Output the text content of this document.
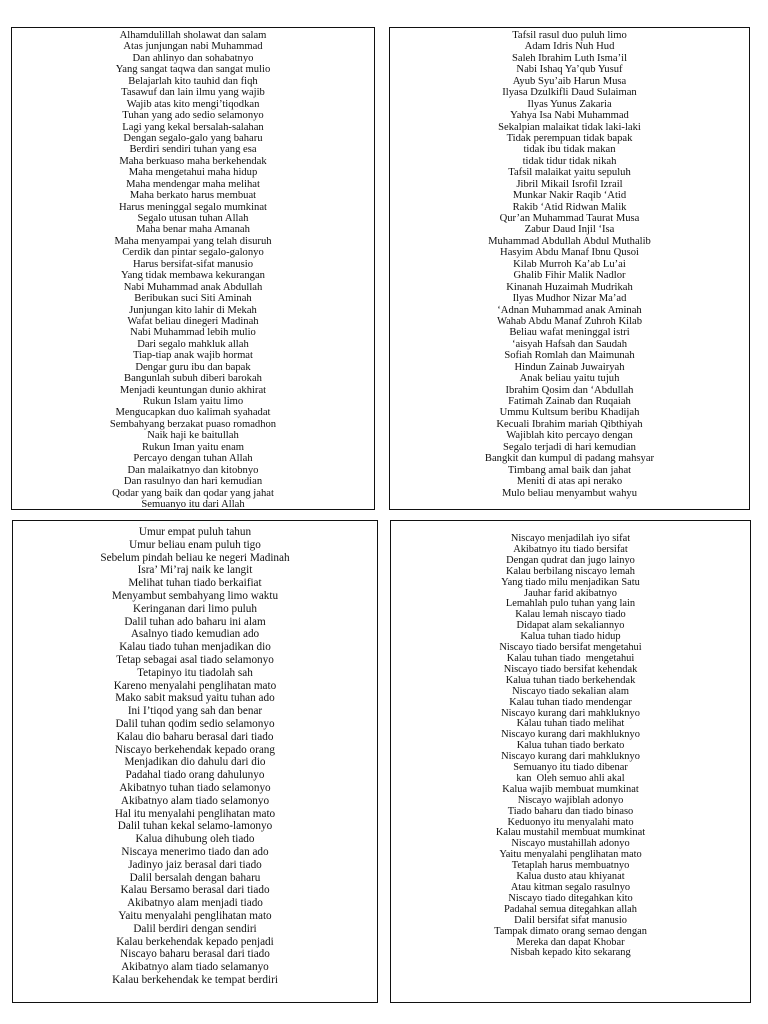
Alhamdulillah sholawat dan salam
Atas junjungan nabi Muhammad
Dan ahlinyo dan sohabatnyo
Yang sangat taqwa dan sangat mulio
Belajarlah kito tauhid dan fiqh
Tasawuf dan lain ilmu yang wajib
Wajib atas kito mengi’tiqodkan
Tuhan yang ado sedio selamonyo
Lagi yang kekal bersalah-salahan
Dengan segalo-galo yang baharu
Berdiri sendiri tuhan yang esa
Maha berkuaso maha berkehendak
Maha mengetahui maha hidup
Maha mendengar maha melihat
Maha berkato harus membuat
Harus meninggal segalo mumkinat
Segalo utusan tuhan Allah
Maha benar maha Amanah
Maha menyampai yang telah disuruh
Cerdik dan pintar segalo-galonyo
Harus bersifat-sifat manusio
Yang tidak membawa kekurangan
Nabi Muhammad anak Abdullah
Beribukan suci Siti Aminah
Junjungan kito lahir di Mekah
Wafat beliau dinegeri Madinah
Nabi Muhammad lebih mulio
Dari segalo mahkluk allah
Tiap-tiap anak wajib hormat
Dengar guru ibu dan bapak
Bangunlah subuh diberi barokah
Menjadi keuntungan dunio akhirat
Rukun Islam yaitu limo
Mengucapkan duo kalimah syahadat
Sembahyang berzakat puaso romadhon
Naik haji ke baitullah
Rukun Iman yaitu enam
Percayo dengan tuhan Allah
Dan malaikatnyo dan kitobnyo
Dan rasulnyo dan hari kemudian
Qodar yang baik dan qodar yang jahat
Semuanyo itu dari Allah
Tafsil rasul duo puluh limo
Adam Idris Nuh Hud
Saleh Ibrahim Luth Isma’il
Nabi Ishaq Ya’qub Yusuf
Ayub Syu’aib Harun Musa
Ilyasa Dzulkifli Daud Sulaiman
Ilyas Yunus Zakaria
Yahya Isa Nabi Muhammad
Sekalpian malaikat tidak laki-laki
Tidak perempuan tidak bapak
tidak ibu tidak makan
tidak tidur tidak nikah
Tafsil malaikat yaitu sepuluh
Jibril Mikail Isrofil Izrail
Munkar Nakir Raqib ‘Atid
Rakib ‘Atid Ridwan Malik
Qur’an Muhammad Taurat Musa
Zabur Daud Injil ‘Isa
Muhammad Abdullah Abdul Muthalib
Hasyim Abdu Manaf Ibnu Qusoi
Kilab Murroh Ka’ab Lu’ai
Ghalib Fihir Malik Nadlor
Kinanah Huzaimah Mudrikah
Ilyas Mudhor Nizar Ma’ad
‘Adnan Muhammad anak Aminah
Wahab Abdu Manaf Zuhroh Kilab
Beliau wafat meninggal istri
‘aisyah Hafsah dan Saudah
Sofiah Romlah dan Maimunah
Hindun Zainab Juwairyah
Anak beliau yaitu tujuh
Ibrahim Qosim dan ‘Abdullah
Fatimah Zainab dan Ruqaiah
Ummu Kultsum beribu Khadijah
Kecuali Ibrahim mariah Qibthiyah
Wajiblah kito percayo dengan
Segalo terjadi di hari kemudian
Bangkit dan kumpul di padang mahsyar
Timbang amal baik dan jahat
Meniti di atas api nerako
Mulo beliau menyambut wahyu
Umur empat puluh tahun
Umur beliau enam puluh tigo
Sebelum pindah beliau ke negeri Madinah
Isra’ Mi’raj naik ke langit
Melihat tuhan tiado berkaifiat
Menyambut sembahyang limo waktu
Keringanan dari limo puluh
Dalil tuhan ado baharu ini alam
Asalnyo tiado kemudian ado
Kalau tiado tuhan menjadikan dio
Tetap sebagai asal tiado selamonyo
Tetapinyo itu tiadolah sah
Kareno menyalahi penglihatan mato
Mako sabit maksud yaitu tuhan ado
Ini I’tiqod yang sah dan benar
Dalil tuhan qodim sedio selamonyo
Kalau dio baharu berasal dari tiado
Niscayo berkehendak kepado orang
Menjadikan dio dahulu dari dio
Padahal tiado orang dahulunyo
Akibatnyo tuhan tiado selamonyo
Akibatnyo alam tiado selamonyo
Hal itu menyalahi penglihatan mato
Dalil tuhan kekal selamo-lamonyo
Kalua dihubung oleh tiado
Niscaya menerimo tiado dan ado
Jadinyo jaiz berasal dari tiado
Dalil bersalah dengan baharu
Kalau Bersamo berasal dari tiado
Akibatnyo alam menjadi tiado
Yaitu menyalahi penglihatan mato
Dalil berdiri dengan sendiri
Kalau berkehendak kepado penjadi
Niscayo baharu berasal dari tiado
Akibatnyo alam tiado selamanyo
Kalau berkehendak ke tempat berdiri
Niscayo menjadilah iyo sifat
Akibatnyo itu tiado bersifat
Dengan qudrat dan jugo lainyo
Kalau berbilang niscayo lemah
Yang tiado milu menjadikan Satu
Jauhar farid akibatnyo
Lemahlah pulo tuhan yang lain
Kalau lemah niscayo tiado
Didapat alam sekaliannyo
Kalua tuhan tiado hidup
Niscayo tiado bersifat mengetahui
Kalau tuhan tiado  mengetahui
Niscayo tiado bersifat kehendak
Kalua tuhan tiado berkehendak
Niscayo tiado sekalian alam
Kalau tuhan tiado mendengar
Niscayo kurang dari mahkluknyo
Kalau tuhan tiado melihat
Niscayo kurang dari makhluknyo
Kalua tuhan tiado berkato
Niscayo kurang dari mahkluknyo
Semuanyo itu tiado dibenar
kan  Oleh semuo ahli akal
Kalua wajib membuat mumkinat
Niscayo wajiblah adonyo
Tiado baharu dan tiado binaso
Keduonyo itu menyalahi mato
Kalau mustahil membuat mumkinat
Niscayo mustahillah adonyo
Yaitu menyalahi penglihatan mato
Tetaplah harus membuatnyo
Kalua dusto atau khiyanat
Atau kitman segalo rasulnyo
Niscayo tiado ditegahkan kito
Padahal semua ditegahkan allah
Dalil bersifat sifat manusio
Tampak dimato orang semao dengan
Mereka dan dapat Khobar
Nisbah kepado kito sekarang
